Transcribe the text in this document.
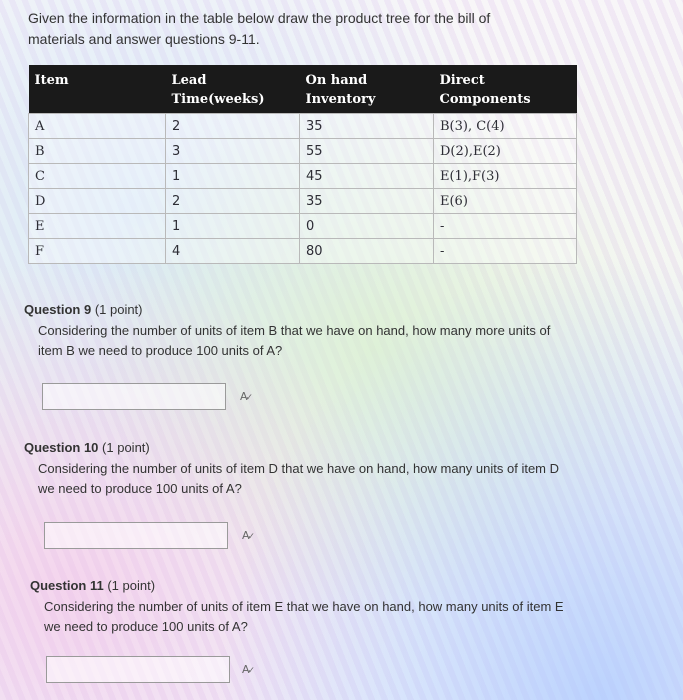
Given the information in the table below draw the product tree for the bill of materials and answer questions 9-11.
Item	Lead Time(weeks)	On hand Inventory	Direct Components
A	2	35	B(3), C(4)
B	3	55	D(2),E(2)
C	1	45	E(1),F(3)
D	2	35	E(6)
E	1	0	-
F	4	80	-
Question 9 (1 point)
Considering the number of units of item B that we have on hand, how many more units of item B we need to produce 100 units of A?
A✓
Question 10 (1 point)
Considering the number of units of item D that we have on hand, how many units of item D we need to produce 100 units of A?
A✓
Question 11 (1 point)
Considering the number of units of item E that we have on hand, how many units of item E we need to produce 100 units of A?
A✓
